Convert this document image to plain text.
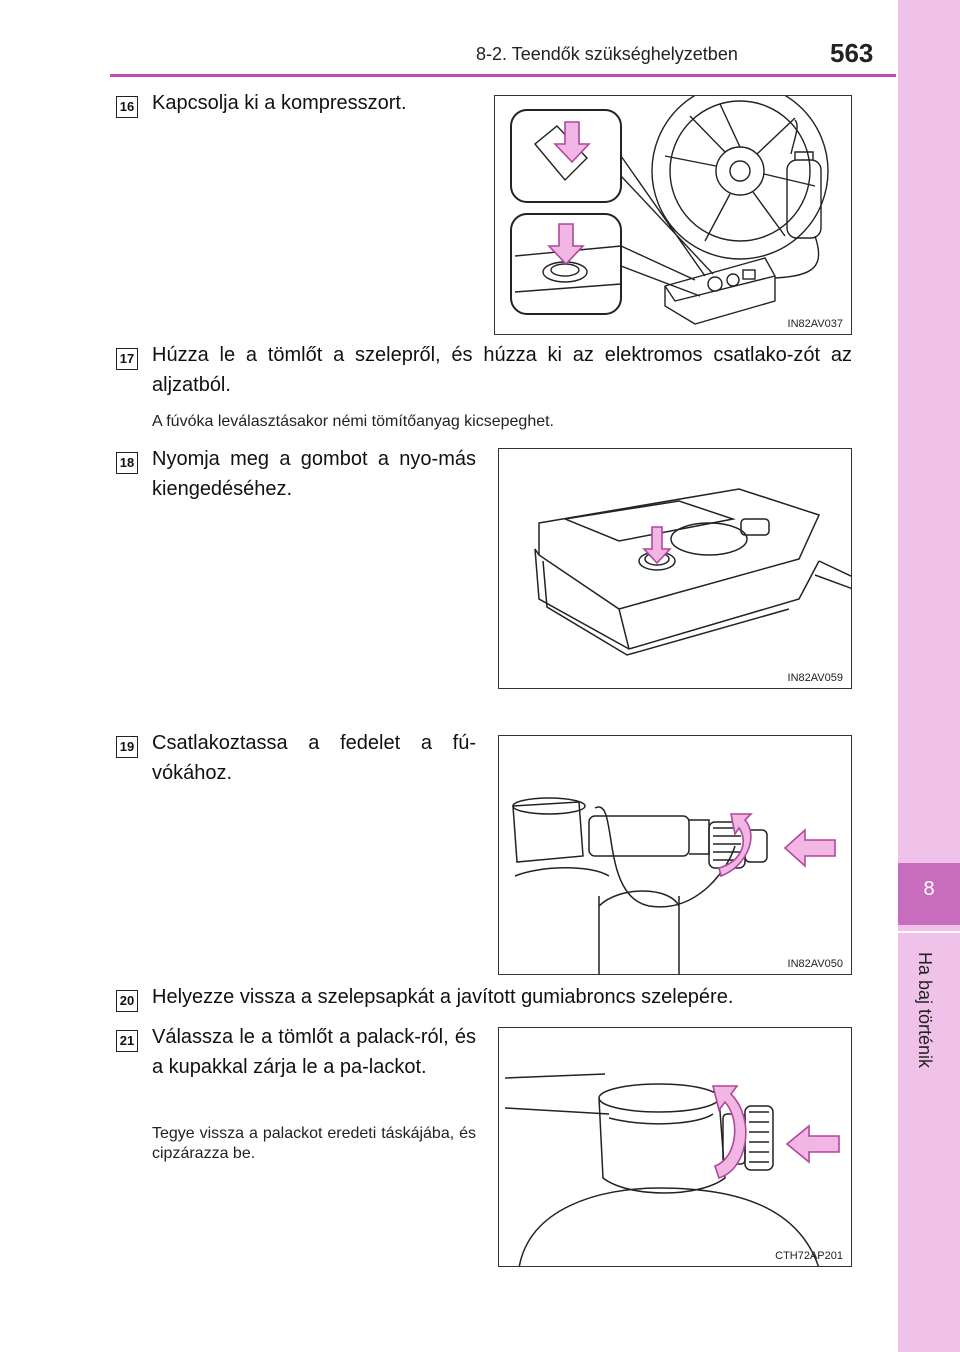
8-2. Teendők szükséghelyzetben	563
8
Ha baj történik
16 Kapcsolja ki a kompresszort.
IN82AV037
17 Húzza le a tömlőt a szelepről, és húzza ki az elektromos csatlako-zót az aljzatból.
A fúvóka leválasztásakor némi tömítőanyag kicsepeghet.
18 Nyomja meg a gombot a nyo-más kiengedéséhez.
IN82AV059
19 Csatlakoztassa a fedelet a fú-vókához.
IN82AV050
20 Helyezze vissza a szelepsapkát a javított gumiabroncs szelepére.
21 Válassza le a tömlőt a palack-ról, és a kupakkal zárja le a pa-lackot.
Tegye vissza a palackot eredeti táskájába, és cipzárazza be.
CTH72AP201
